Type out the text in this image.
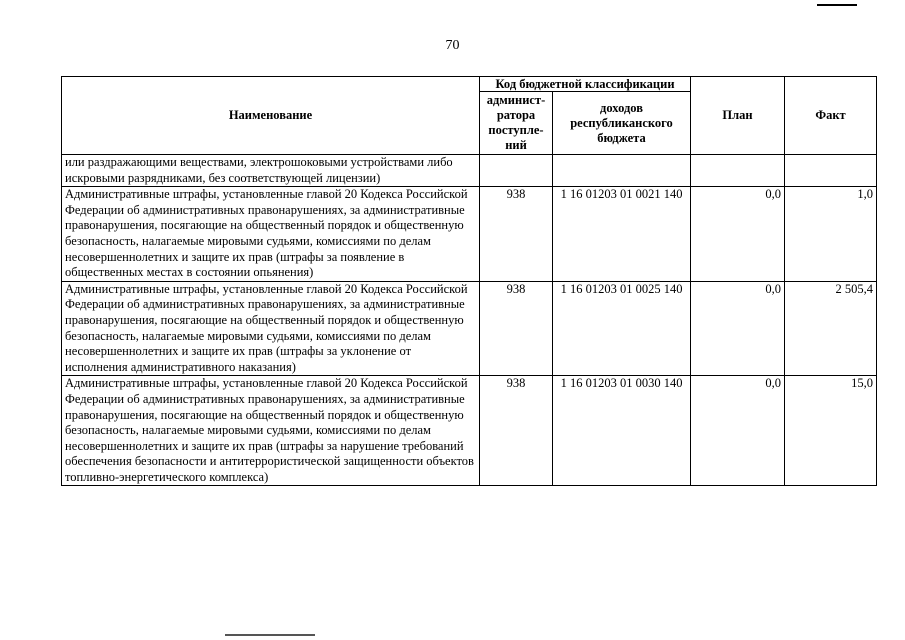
70
Наименование	Код бюджетной классификации		План	Факт
	админист-ратора поступле-ний	доходов республиканского бюджета		
или раздражающими веществами, электрошоковыми устройствами либо искровыми разрядниками, без соответствующей лицензии)				
Административные штрафы, установленные главой 20 Кодекса Российской Федерации об административных правонарушениях, за административные правонарушения, посягающие на общественный порядок и общественную безопасность, налагаемые мировыми судьями, комиссиями по делам несовершеннолетних и защите их прав (штрафы за появление в общественных местах в состоянии опьянения)	938	1 16 01203 01 0021 140	0,0	1,0
Административные штрафы, установленные главой 20 Кодекса Российской Федерации об административных правонарушениях, за административные правонарушения, посягающие на общественный порядок и общественную безопасность, налагаемые мировыми судьями, комиссиями по делам несовершеннолетних и защите их прав (штрафы за уклонение от исполнения административного наказания)	938	1 16 01203 01 0025 140	0,0	2 505,4
Административные штрафы, установленные главой 20 Кодекса Российской Федерации об административных правонарушениях, за административные правонарушения, посягающие на общественный порядок и общественную безопасность, налагаемые мировыми судьями, комиссиями по делам несовершеннолетних и защите их прав (штрафы за нарушение требований обеспечения безопасности и антитеррористической защищенности объектов топливно-энергетического комплекса)	938	1 16 01203 01 0030 140	0,0	15,0
